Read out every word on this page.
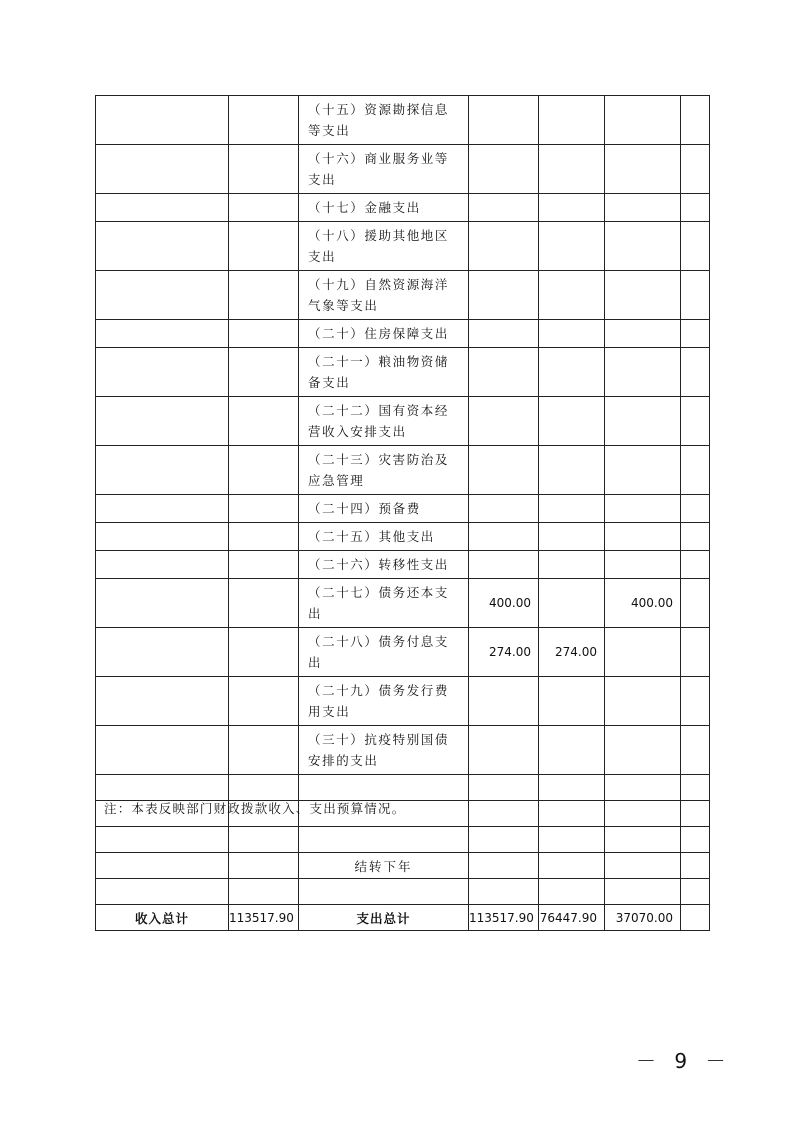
		（十五）资源勘探信息等支出				
		（十六）商业服务业等支出				
		（十七）金融支出				
		（十八）援助其他地区支出				
		（十九）自然资源海洋气象等支出				
		（二十）住房保障支出				
		（二十一）粮油物资储备支出				
		（二十二）国有资本经营收入安排支出				
		（二十三）灾害防治及应急管理				
		（二十四）预备费				
		（二十五）其他支出				
		（二十六）转移性支出				
		（二十七）债务还本支出	400.00		400.00	
		（二十八）债务付息支出	274.00	274.00		
		（二十九）债务发行费用支出				
		（三十）抗疫特别国债安排的支出				

		结转下年				

收入总计	113517.90	支出总计	113517.90	76447.90	37070.00	
注：本表反映部门财政拨款收入、支出预算情况。
－ 9 －
